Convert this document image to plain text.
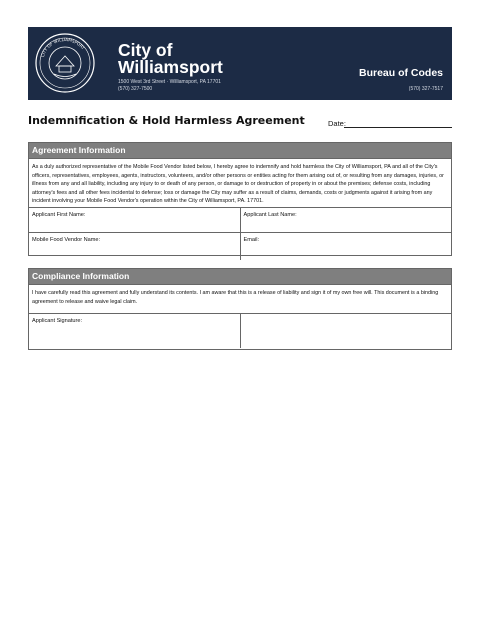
CITY OF WILLIAMSPORT City of
Williamsport
1500 West 3rd Street · Williamsport, PA 17701
(570) 327-7500
Bureau of Codes
(570) 327-7517
Indemnification & Hold Harmless Agreement	Date:
Agreement Information
As a duly authorized representative of the Mobile Food Vendor listed below, I hereby agree to indemnify and hold harmless the City of Williamsport, PA and all of the City's officers, representatives, employees, agents, instructors, volunteers, and/or other persons or entities acting for them arising out of, or resulting from any damages, injuries, or illness from any and all liability, including any injury to or death of any person, or damage to or destruction of property in or about the premises; defense costs, including attorney's fees and all other fees incidental to defense; loss or damage the City may suffer as a result of claims, demands, costs or judgments against it arising from any incident involving your Mobile Food Vendor's operation within the City of Williamsport, PA. 17701.
Applicant First Name:	Applicant Last Name:
Mobile Food Vendor Name:	Email:
Compliance Information
I have carefully read this agreement and fully understand its contents. I am aware that this is a release of liability and sign it of my own free will. This document is a binding agreement to release and waive legal claim.
Applicant Signature:
